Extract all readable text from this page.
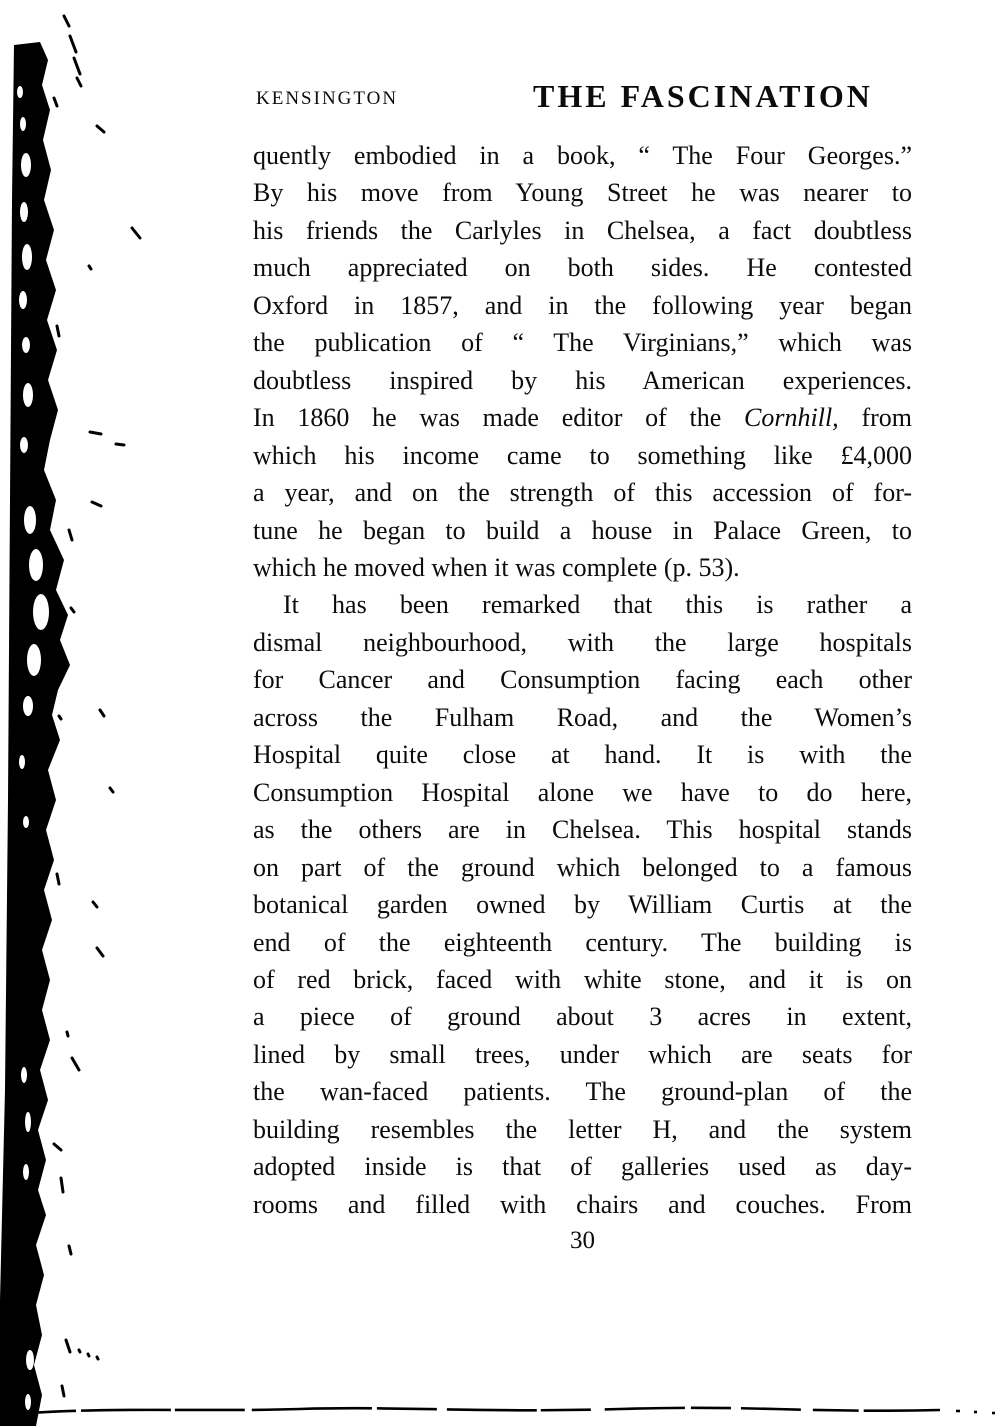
KENSINGTON	THE FASCINATION
quently embodied in a book, “ The Four Georges.”
By his move from Young Street he was nearer to
his friends the Carlyles in Chelsea, a fact doubtless
much appreciated on both sides. He contested
Oxford in 1857, and in the following year began
the publication of “ The Virginians,” which was
doubtless inspired by his American experiences.
In 1860 he was made editor of the Cornhill, from
which his income came to something like £4,000
a year, and on the strength of this accession of for-
tune he began to build a house in Palace Green, to
which he moved when it was complete (p. 53).
It has been remarked that this is rather a
dismal neighbourhood, with the large hospitals
for Cancer and Consumption facing each other
across the Fulham Road, and the Women’s
Hospital quite close at hand. It is with the
Consumption Hospital alone we have to do here,
as the others are in Chelsea. This hospital stands
on part of the ground which belonged to a famous
botanical garden owned by William Curtis at the
end of the eighteenth century. The building is
of red brick, faced with white stone, and it is on
a piece of ground about 3 acres in extent,
lined by small trees, under which are seats for
the wan-faced patients. The ground-plan of the
building resembles the letter H, and the system
adopted inside is that of galleries used as day-
rooms and filled with chairs and couches. From
30
